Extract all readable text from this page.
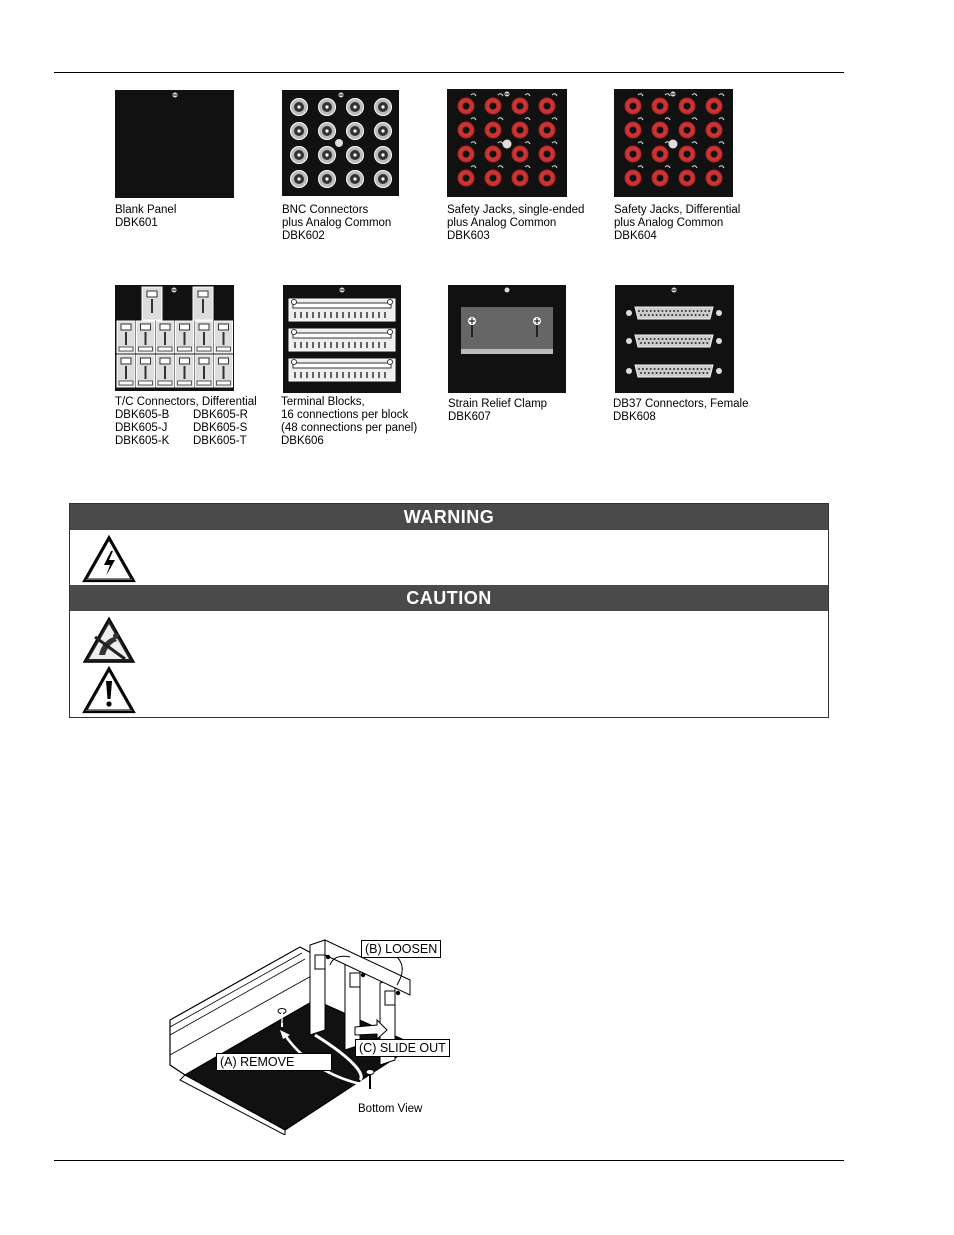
Blank Panel
DBK601
BNC Connectors
plus Analog Common
DBK602
Safety Jacks, single-ended
plus Analog Common
DBK603
Safety Jacks, Differential
plus Analog Common
DBK604
T/C Connectors, Differential
DBK605-B	DBK605-R
DBK605-J	DBK605-S
DBK605-K	DBK605-T
Terminal Blocks,
16 connections per block
(48 connections per panel)
DBK606
Strain Relief Clamp
DBK607
DB37 Connectors, Female
DBK608
WARNING
CAUTION
(B) LOOSEN
(C) SLIDE OUT
(A) REMOVE
Bottom View
